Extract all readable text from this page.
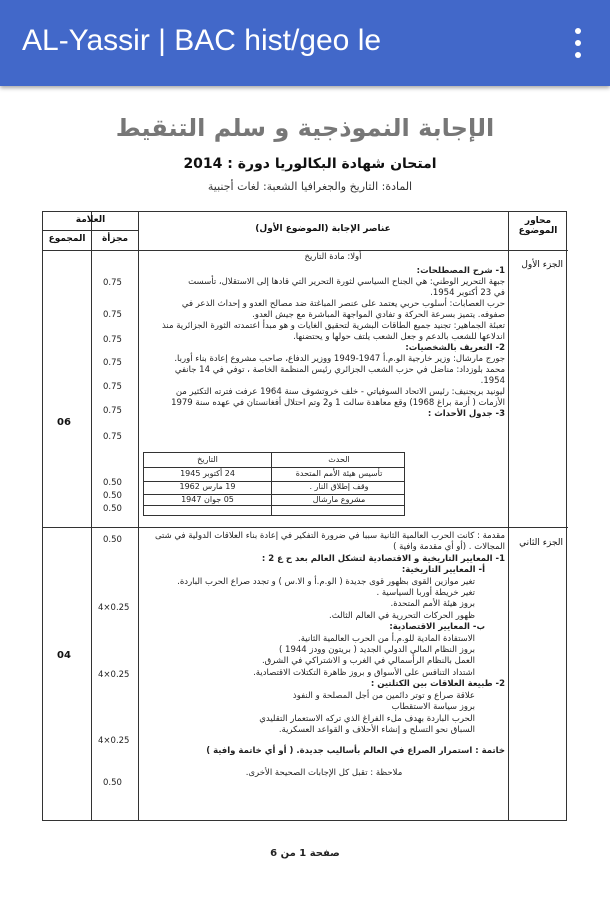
AL-Yassir | BAC hist/geo le
الإجابة النموذجية و سلم التنقيط
امتحان شهادة البكالوريا دورة : 2014
المادة: التاريخ والجغرافيا الشعبة: لغات أجنبية
محاور الموضوع
عناصر الإجابة (الموضوع الأول)
العلامة
مجزأة
المجموع
الجزء الأول
أولا: مادة التاريخ
06
1- شرح المصطلحات:
جبهة التحرير الوطني: هي الجناح السياسي لثورة التحرير التي قادها إلى الاستقلال، تأسست
في 23 أكتوبر 1954.
حرب العصابات: أسلوب حربي يعتمد على عنصر المباغتة ضد مصالح العدو و إحداث الذعر في
صفوفه. يتميز بسرعة الحركة و تفادي المواجهة المباشرة مع جيش العدو.
تعبئة الجماهير: تجنيد جميع الطاقات البشرية لتحقيق الغايات و هو مبدأ اعتمدته الثورة الجزائرية منذ
اندلاعها للشعب بالدعم و جعل الشعب يلتف حولها و يحتضنها.
2- التعريف بالشخصيات:
جورج مارشال: وزير خارجية الو.م.أ 1947-1949 ووزير الدفاع، صاحب مشروع إعادة بناء أوربا.
محمد بلوزداد: مناضل في حزب الشعب الجزائري رئيس المنظمة الخاصة ، توفي في 14 جانفي
1954.
ليونيد بريجنيف: رئيس الاتحاد السوفياتي - خلف خروتشوف سنة 1964 عرفت فترته التكثير من
الأزمات ( أزمة براغ 1968) وقع معاهدة سالت 1 و2 وتم احتلال أفغانستان في عهده سنة 1979
3- جدول الأحداث :
0.75
0.75
0.75
0.75
0.75
0.75
0.75
0.50
0.50
0.50
الحدث
التاريخ
تأسيس هيئة الأمم المتحدة
24 أكتوبر 1945
وقف إطلاق النار .
19 مارس 1962
مشروع مارشال
05 جوان 1947
الجزء الثاني
04
مقدمة : كانت الحرب العالمية الثانية سببا في ضرورة التفكير في إعادة بناء العلاقات الدولية في شتى
المجالات . (أو أي مقدمة وافية )
1- المعايير التاريخية و الاقتصادية لتشكل العالم بعد ح ع 2 :
أ- المعايير التاريخية:
تغير موازين القوى بظهور قوى جديدة ( الو.م.أ و الا.س ) و تجدد صراع الحرب الباردة.
تغير خريطة أوربا السياسية .
بروز هيئة الأمم المتحدة.
ظهور الحركات التحررية في العالم الثالث.
ب- المعايير الاقتصادية:
الاستفادة المادية للو.م.أ من الحرب العالمية الثانية.
بروز النظام المالي الدولي الجديد ( بريتون وودز 1944 )
العمل بالنظام الرأسمالي في الغرب و الاشتراكي في الشرق.
اشتداد التنافس على الأسواق و بروز ظاهرة التكتلات الاقتصادية.
2- طبيعة العلاقات بين الكتلتين :
علاقة صراع و توتر دائمين من أجل المصلحة و النفوذ
بروز سياسة الاستقطاب
الحرب الباردة بهدف ملء الفراغ الذي تركه الاستعمار التقليدي
السباق نحو التسلح و إنشاء الأحلاف و القواعد العسكرية.
خاتمة : استمرار الصراع في العالم بأساليب جديدة. ( أو أي خاتمة وافية )
ملاحظة : تقبل كل الإجابات الصحيحة الأخرى.
0.50
4×0.25
4×0.25
4×0.25
0.50
صفحة 1 من 6
